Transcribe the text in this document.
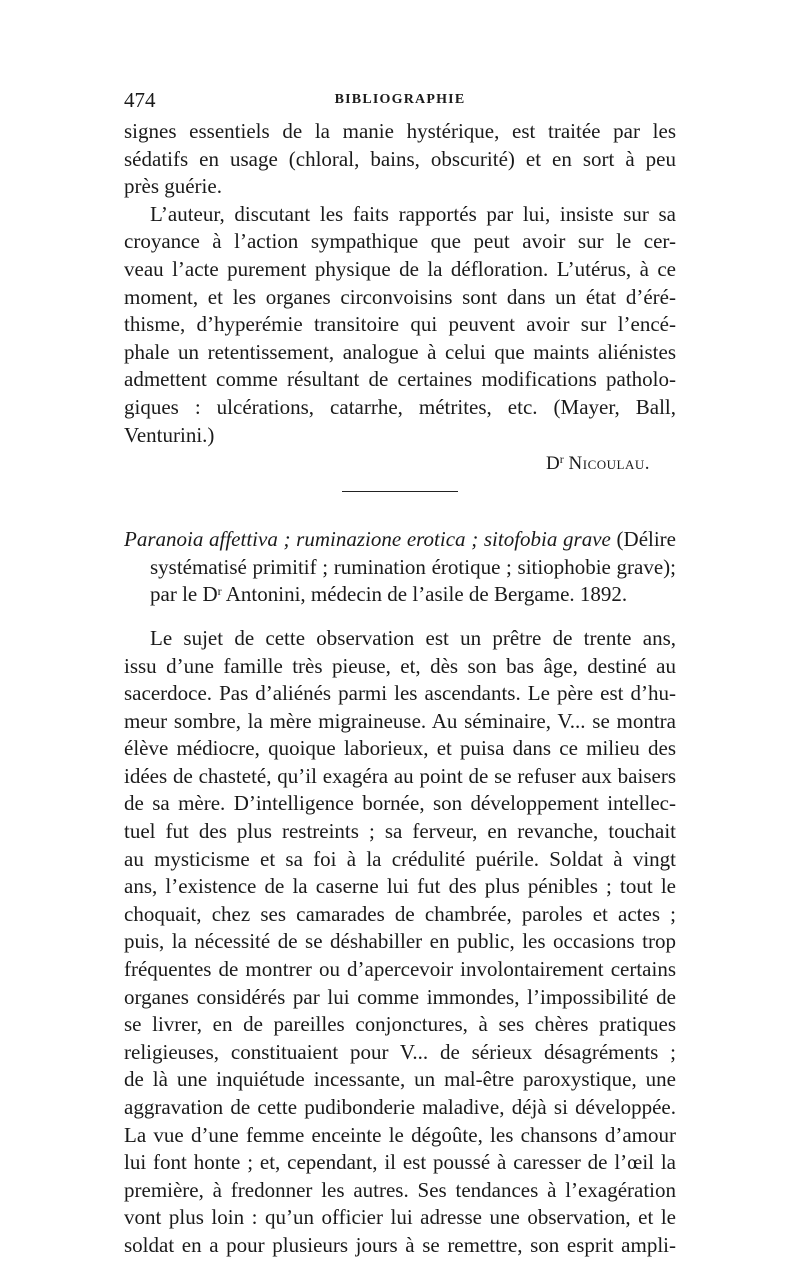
474	BIBLIOGRAPHIE
signes essentiels de la manie hystérique, est traitée par les
sédatifs en usage (chloral, bains, obscurité) et en sort à peu
près guérie.
L’auteur, discutant les faits rapportés par lui, insiste sur sa
croyance à l’action sympathique que peut avoir sur le cer-
veau l’acte purement physique de la défloration. L’utérus, à ce
moment, et les organes circonvoisins sont dans un état d’éré-
thisme, d’hyperémie transitoire qui peuvent avoir sur l’encé-
phale un retentissement, analogue à celui que maints aliénistes
admettent comme résultant de certaines modifications patholo-
giques : ulcérations, catarrhe, métrites, etc. (Mayer, Ball,
Venturini.)
$D^r$ Nicoulau.
Paranoia affettiva ; ruminazione erotica ; sitofobia grave (Délire
systématisé primitif ; rumination érotique ; sitiophobie grave);
par le $D^r$ Antonini, médecin de l’asile de Bergame. 1892.
Le sujet de cette observation est un prêtre de trente ans,
issu d’une famille très pieuse, et, dès son bas âge, destiné au
sacerdoce. Pas d’aliénés parmi les ascendants. Le père est d’hu-
meur sombre, la mère migraineuse. Au séminaire, V... se montra
élève médiocre, quoique laborieux, et puisa dans ce milieu des
idées de chasteté, qu’il exagéra au point de se refuser aux baisers
de sa mère. D’intelligence bornée, son développement intellec-
tuel fut des plus restreints ; sa ferveur, en revanche, touchait
au mysticisme et sa foi à la crédulité puérile. Soldat à vingt
ans, l’existence de la caserne lui fut des plus pénibles ; tout le
choquait, chez ses camarades de chambrée, paroles et actes ;
puis, la nécessité de se déshabiller en public, les occasions trop
fréquentes de montrer ou d’apercevoir involontairement certains
organes considérés par lui comme immondes, l’impossibilité de
se livrer, en de pareilles conjonctures, à ses chères pratiques
religieuses, constituaient pour V... de sérieux désagréments ;
de là une inquiétude incessante, un mal-être paroxystique, une
aggravation de cette pudibonderie maladive, déjà si développée.
La vue d’une femme enceinte le dégoûte, les chansons d’amour
lui font honte ; et, cependant, il est poussé à caresser de l’œil la
première, à fredonner les autres. Ses tendances à l’exagération
vont plus loin : qu’un officier lui adresse une observation, et le
soldat en a pour plusieurs jours à se remettre, son esprit ampli-
